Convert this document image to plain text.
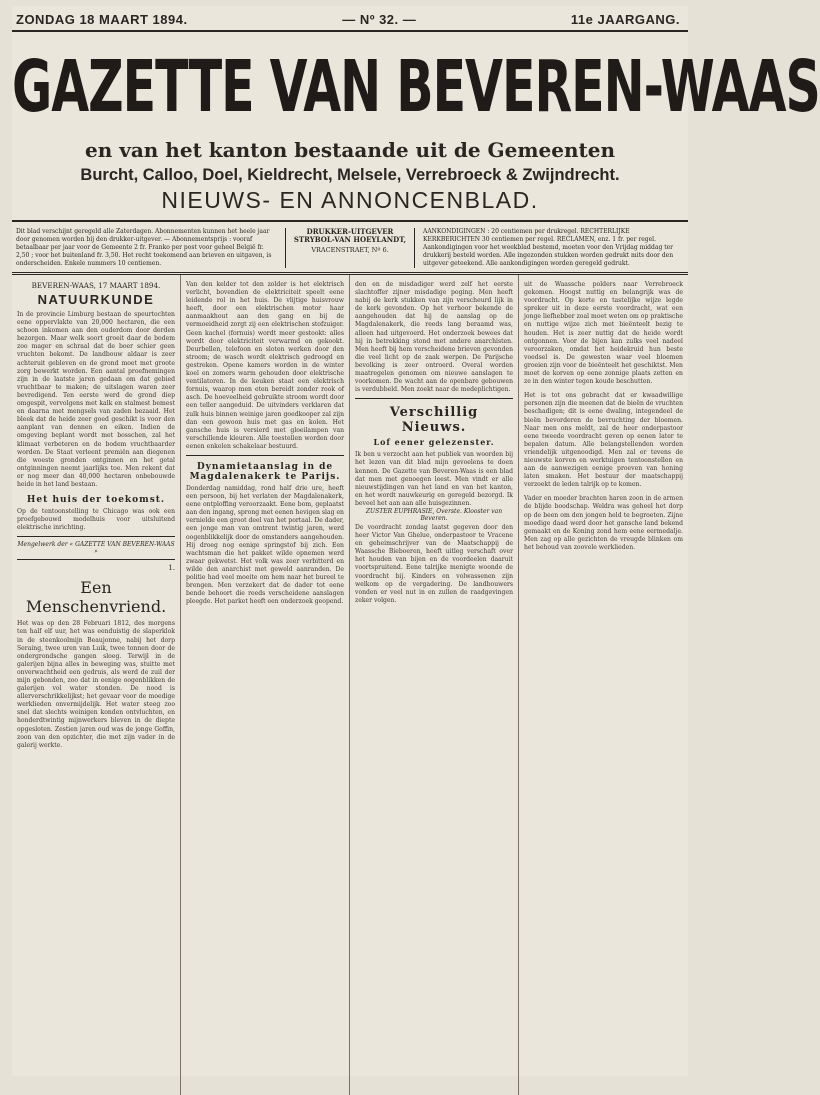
ZONDAG 18 MAART 1894.	— Nº 32. —	11e JAARGANG.
GAZETTE VAN BEVEREN-WAAS
en van het kanton bestaande uit de Gemeenten
Burcht, Calloo, Doel, Kieldrecht, Melsele, Verrebroeck & Zwijndrecht.
NIEUWS- EN ANNONCENBLAD.
Dit blad verschijnt geregeld alle Zaterdagen. Abonnementen kunnen het heele jaar door genomen worden bij den drukker-uitgever. — Abonnementsprijs : vooraf betaalbaar per jaar voor de Gemeente 2 fr. Franko per post voor geheel België fr. 2,50 ; voor het buitenland fr. 3,50. Het recht toekomend aan brieven en uitgaven, is onderscheiden. Enkele nummers 10 centiemen.
DRUKKER-UITGEVER
STRYBOL-VAN HOEYLANDT,
VRACENSTRAET, Nº 6.
AANKONDIGINGEN : 20 centiemen per drukregel. RECHTERLIJKE KERKBERICHTEN 30 centiemen per regel. RECLAMEN, enz. 1 fr. per regel. Aankondigingen voor het weekblad bestemd, moeten voor den Vrijdag middag ter drukkerij besteld worden. Alle ingezonden stukken worden gedrukt mits door den uitgever geteekend. Alle aankondigingen worden geregeld gedrukt.
BEVEREN-WAAS, 17 MAART 1894.
NATUURKUNDE
In de provincie Limburg bestaan de speurtochten eene oppervlakte van 20,000 hectaren, die een schoon inkomen aan den ouderdom door derden bezorgen. Maar welk soort groeit daar de bodem zoo mager en schraal dat de boer schier geen vruchten bekomt. De landbouw aldaar is zeer achteruit gebleven en de grond moet met groote zorg bewerkt worden. Een aantal proefnemingen zijn in de laatste jaren gedaan om dat gebied vruchtbaar te maken; de uitslagen waren zeer bevredigend. Ten eerste werd de grond diep omgespit, vervolgens met kalk en stalmest bemest en daarna met mengsels van zaden bezaaid. Het bleek dat de heide zeer goed geschikt is voor den aanplant van dennen en eiken. Indien de omgeving beplant wordt met bosschen, zal het klimaat verbeteren en de bodem vruchtbaarder worden. De Staat verleent premiën aan diegenen die woeste gronden ontginnen en het getal ontginningen neemt jaarlijks toe. Men rekent dat er nog meer dan 40,000 hectaren onbebouwde heide in het land bestaan.
Het huis der toekomst.
Op de tentoonstelling te Chicago was ook een proefgebouwd modelhuis voor uitsluitend elektrische inrichting.
Mengelwerk der « GAZETTE VAN BEVEREN-WAAS »
1.
Een Menschenvriend.
Het was op den 28 Februari 1812, des morgens ten half elf uur, het was eenduistig de slaperklok in de steenkoolmijn Beaujonne, nabij het dorp Seraing, twee uren van Luik, twee tonnen door de ondergrondsche gangen sloeg. Terwijl in de galerijen bijna alles in beweging was, stuitte met onverwachtheid een gedruis, als werd de zuil der mijn gebonden, zoo dat in eenige oogenblikken de galerijen vol water stonden. De nood is allerverschrikkelijkst; het gevaar voor de moedige werklieden onvermijdelijk. Het water steeg zoo snel dat slechts weinigen konden ontvluchten, en honderdtwintig mijnwerkers bleven in de diepte opgesloten. Zestien jaren oud was de jonge Goffin, zoon van den opzichter, die met zijn vader in de galerij werkte.
Van den kelder tot den zolder is het elektrisch verlicht, bovendien de elektriciteit speelt eene leidende rol in het huis. De vlijtige huisvrouw heeft, door een elektrischen motor haar aanmaakhout aan den gang en bij de vermoeidheid zorgt zij een elektrischen stofzuiger. Geen kachel (fornuis) wordt meer gestookt: alles wordt door elektriciteit verwarmd en gekookt. Deurbellen, telefoon en sloten werken door den stroom; de wasch wordt elektrisch gedroogd en gestreken. Opene kamers worden in de winter koel en zomers warm gehouden door elektrische ventilatoren. In de keuken staat een elektrisch fornuis, waarop men eten bereidt zonder rook of asch. De hoeveelheid gebruikte stroom wordt door een teller aangeduid. De uitvinders verklaren dat zulk huis binnen weinige jaren goedkooper zal zijn dan een gewoon huis met gas en kolen. Het gansche huis is versierd met gloeilampen van verschillende kleuren. Alle toestellen worden door eenen enkelen schakelaar bestuurd.
Dynamietaanslag in de Magdalenakerk te Parijs.
Donderdag namiddag, rond half drie ure, heeft een persoon, bij het verlaten der Magdalenakerk, eene ontploffing veroorzaakt. Eene bom, geplaatst aan den ingang, sprong met eenen hevigen slag en vernielde een groot deel van het portaal. De dader, een jonge man van omtrent twintig jaren, werd oogenblikkelijk door de omstanders aangehouden. Hij droeg nog eenige springstof bij zich. Een wachtsman die het pakket wilde opnemen werd zwaar gekwetst. Het volk was zeer verbitterd en wilde den anarchist met geweld aanranden. De politie had veel moeite om hem naar het bureel te brengen. Men verzekert dat de dader tot eene bende behoort die reeds verscheidene aanslagen pleegde. Het parket heeft een onderzoek geopend.
den en de misdadiger werd zelf het eerste slachtoffer zijner misdadige poging. Men heeft nabij de kerk stukken van zijn verscheurd lijk in de kerk gevonden. Op het verhoor bekende de aangehouden dat hij de aanslag op de Magdalenakerk, die reeds lang beraamd was, alleen had uitgevoerd. Het onderzoek bewees dat hij in betrekking stond met andere anarchisten. Men heeft bij hem verscheidene brieven gevonden die veel licht op de zaak werpen. De Parijsche bevolking is zeer ontroerd. Overal worden maatregelen genomen om nieuwe aanslagen te voorkomen. De wacht aan de openbare gebouwen is verdubbeld. Men zoekt naar de medeplichtigen.
Verschillig Nieuws.
Lof eener gelezenster.
Ik ben u verzocht aan het publiek van woorden bij het lezen van dit blad mijn gevoelens te doen kennen. De Gazette van Beveren-Waas is een blad dat men met genoegen leest. Men vindt er alle nieuwstijdingen van het land en van het kanton, en het wordt nauwkeurig en geregeld bezorgd. Ik beveel het aan aan alle huisgezinnen.
ZUSTER EUPHRASIE, Overste. Klooster van Beveren.
De voordracht zondag laatst gegeven door den heer Victor Van Ghelue, onderpastoor te Vracene en geheimschrijver van de Maatschappij de Waassche Bieboeren, heeft uitleg verschaft over het houden van bijen en de voordeelen daaruit voortspruitend. Eene talrijke menigte woonde de voordracht bij. Kinders en volwassenen zijn welkom op de vergadering. De landbouwers vonden er veel nut in en zullen de raadgevingen zeker volgen.
uit de Waassche polders naar Verrebroeck gekomen. Hoogst nuttig en belangrijk was de voordracht. Op korte en tastelijke wijze legde spreker uit in deze eerste voordracht, wat een jonge liefhebber zoal moet weten om op praktische en nuttige wijze zich met bieënteelt bezig te houden. Het is zeer nuttig dat de heide wordt ontgonnen. Voor de bijen kan zulks veel nadeel veroorzaken, omdat het heidekruid hun beste voedsel is. De gewesten waar veel bloemen groeien zijn voor de bieënteelt het geschiktst. Men moet de korven op eene zonnige plaats zetten en ze in den winter tegen koude beschutten.
Het is tot ons gebracht dat er kwaadwillige personen zijn die meenen dat de bieën de vruchten beschadigen; dit is eene dwaling, integendeel de bieën bevorderen de bevruchting der bloemen. Naar men ons meldt, zal de heer onderpastoor eene tweede voordracht geven op eenen later te bepalen datum. Alle belangstellenden worden vriendelijk uitgenoodigd. Men zal er tevens de nieuwste korven en werktuigen tentoonstellen en aan de aanwezigen eenige proeven van honing laten smaken. Het bestuur der maatschappij verzoekt de leden talrijk op te komen.
Vader en moeder brachten haren zoon in de armen de blijde boodschap. Weldra was geheel het dorp op de been om den jongen held te begroeten. Zijne moedige daad werd door het gansche land bekend gemaakt en de Koning zond hem eene eermedalje. Men zag op alle gezichten de vreugde blinken om het behoud van zoovele werklieden.
